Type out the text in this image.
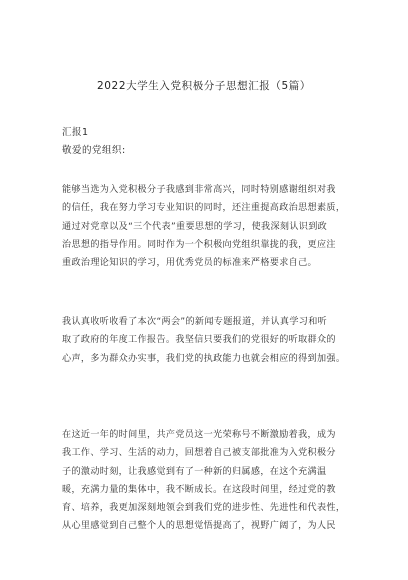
2022大学生入党积极分子思想汇报（5篇）
汇报1
敬爱的党组织:
能够当选为入党积极分子我感到非常高兴，同时特别感谢组织对我
的信任，我在努力学习专业知识的同时，还注重提高政治思想素质，
通过对党章以及“三个代表”重要思想的学习，使我深刻认识到政
治思想的指导作用。同时作为一个积极向党组织靠拢的我，更应注
重政治理论知识的学习，用优秀党员的标准来严格要求自己。
我认真收听收看了本次“两会”的新闻专题报道，并认真学习和听
取了政府的年度工作报告。我坚信只要我们的党很好的听取群众的
心声，多为群众办实事，我们党的执政能力也就会相应的得到加强。
在这近一年的时间里，共产党员这一光荣称号不断激励着我，成为
我工作、学习、生活的动力，回想着自己被支部批准为入党积极分
子的激动时刻，让我感觉到有了一种新的归属感，在这个充满温
暖，充满力量的集体中，我不断成长。在这段时间里，经过党的教
育、培养，我更加深刻地领会到我们党的进步性、先进性和代表性，
从心里感觉到自己整个人的思想觉悟提高了，视野广阔了，为人民
